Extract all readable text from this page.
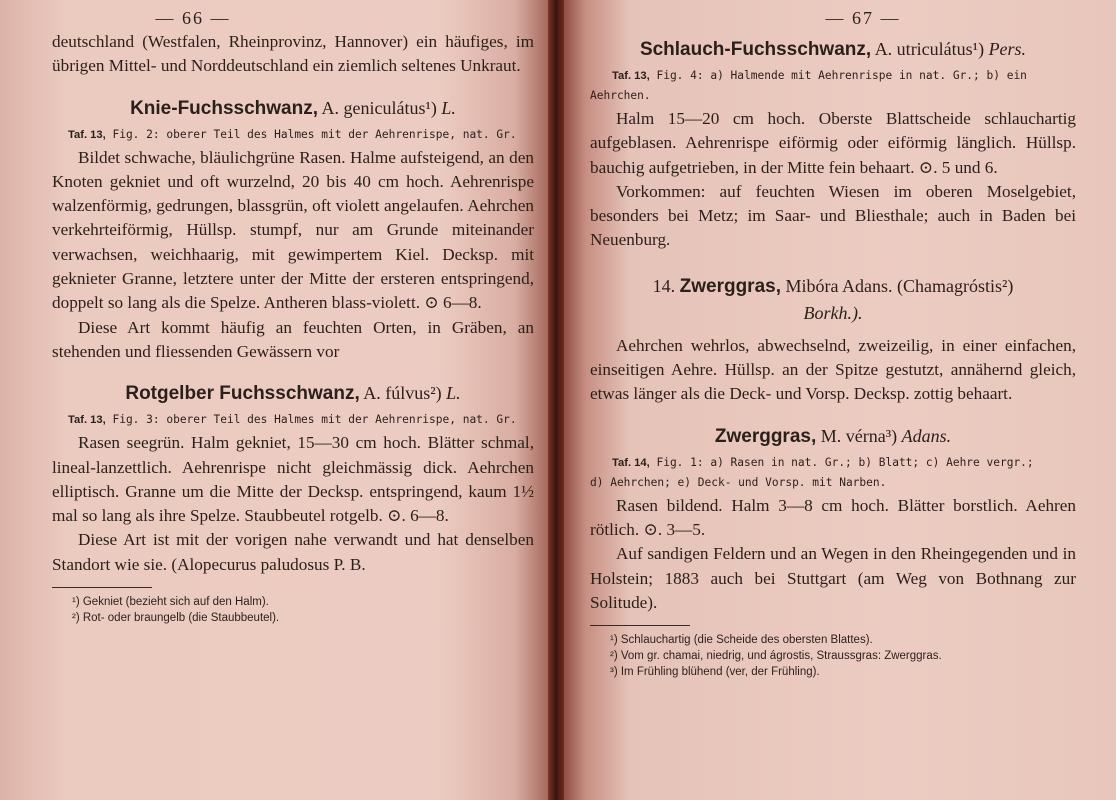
— 66 —

deutschland (Westfalen, Rheinprovinz, Hannover) ein häufiges, im übrigen Mittel- und Norddeutschland ein ziemlich seltenes Unkraut.

Knie-Fuchsschwanz, A. geniculátus¹) L.
Taf. 13, Fig. 2: oberer Teil des Halmes mit der Aehrenrispe, nat. Gr.

Bildet schwache, bläulichgrüne Rasen. Halme aufsteigend, an den Knoten gekniet und oft wurzelnd, 20 bis 40 cm hoch. Aehrenrispe walzenförmig, gedrungen, blassgrün, oft violett angelaufen. Aehrchen verkehrteiförmig, Hüllsp. stumpf, nur am Grunde miteinander verwachsen, weichhaarig, mit gewimpertem Kiel. Decksp. mit geknieter Granne, letztere unter der Mitte der ersteren entspringend, doppelt so lang als die Spelze. Antheren blass-violett. ⊙ 6—8.

Diese Art kommt häufig an feuchten Orten, in Gräben, an stehenden und fliessenden Gewässern vor

Rotgelber Fuchsschwanz, A. fúlvus²) L.
Taf. 13, Fig. 3: oberer Teil des Halmes mit der Aehrenrispe, nat. Gr.

Rasen seegrün. Halm gekniet, 15—30 cm hoch. Blätter schmal, lineal-lanzettlich. Aehrenrispe nicht gleichmässig dick. Aehrchen elliptisch. Granne um die Mitte der Decksp. entspringend, kaum 1½ mal so lang als ihre Spelze. Staubbeutel rotgelb. ⊙. 6—8.

Diese Art ist mit der vorigen nahe verwandt und hat denselben Standort wie sie. (Alopecurus paludosus P. B.

¹) Gekniet (bezieht sich auf den Halm).
²) Rot- oder braungelb (die Staubbeutel).
— 67 —
Schlauch-Fuchsschwanz, A. utriculátus¹) Pers.
Taf. 13, Fig. 4: a) Halmende mit Aehrenrispe in nat. Gr.; b) ein
Aehrchen.

Halm 15—20 cm hoch. Oberste Blattscheide schlauchartig aufgeblasen. Aehrenrispe eiförmig oder eiförmig länglich. Hüllsp. bauchig aufgetrieben, in der Mitte fein behaart. ⊙. 5 und 6.

Vorkommen: auf feuchten Wiesen im oberen Moselgebiet, besonders bei Metz; im Saar- und Bliesthale; auch in Baden bei Neuenburg.

14. Zwerggras, Mibóra Adans. (Chamagróstis²)
Borkh.).

Aehrchen wehrlos, abwechselnd, zweizeilig, in einer einfachen, einseitigen Aehre. Hüllsp. an der Spitze gestutzt, annähernd gleich, etwas länger als die Deck- und Vorsp. Decksp. zottig behaart.

Zwerggras, M. vérna³) Adans.
Taf. 14, Fig. 1: a) Rasen in nat. Gr.; b) Blatt; c) Aehre vergr.;
d) Aehrchen; e) Deck- und Vorsp. mit Narben.

Rasen bildend. Halm 3—8 cm hoch. Blätter borstlich. Aehren rötlich. ⊙. 3—5.

Auf sandigen Feldern und an Wegen in den Rheingegenden und in Holstein; 1883 auch bei Stuttgart (am Weg von Bothnang zur Solitude).

¹) Schlauchartig (die Scheide des obersten Blattes).
²) Vom gr. chamai, niedrig, und ágrostis, Straussgras: Zwerggras.
³) Im Frühling blühend (ver, der Frühling).
